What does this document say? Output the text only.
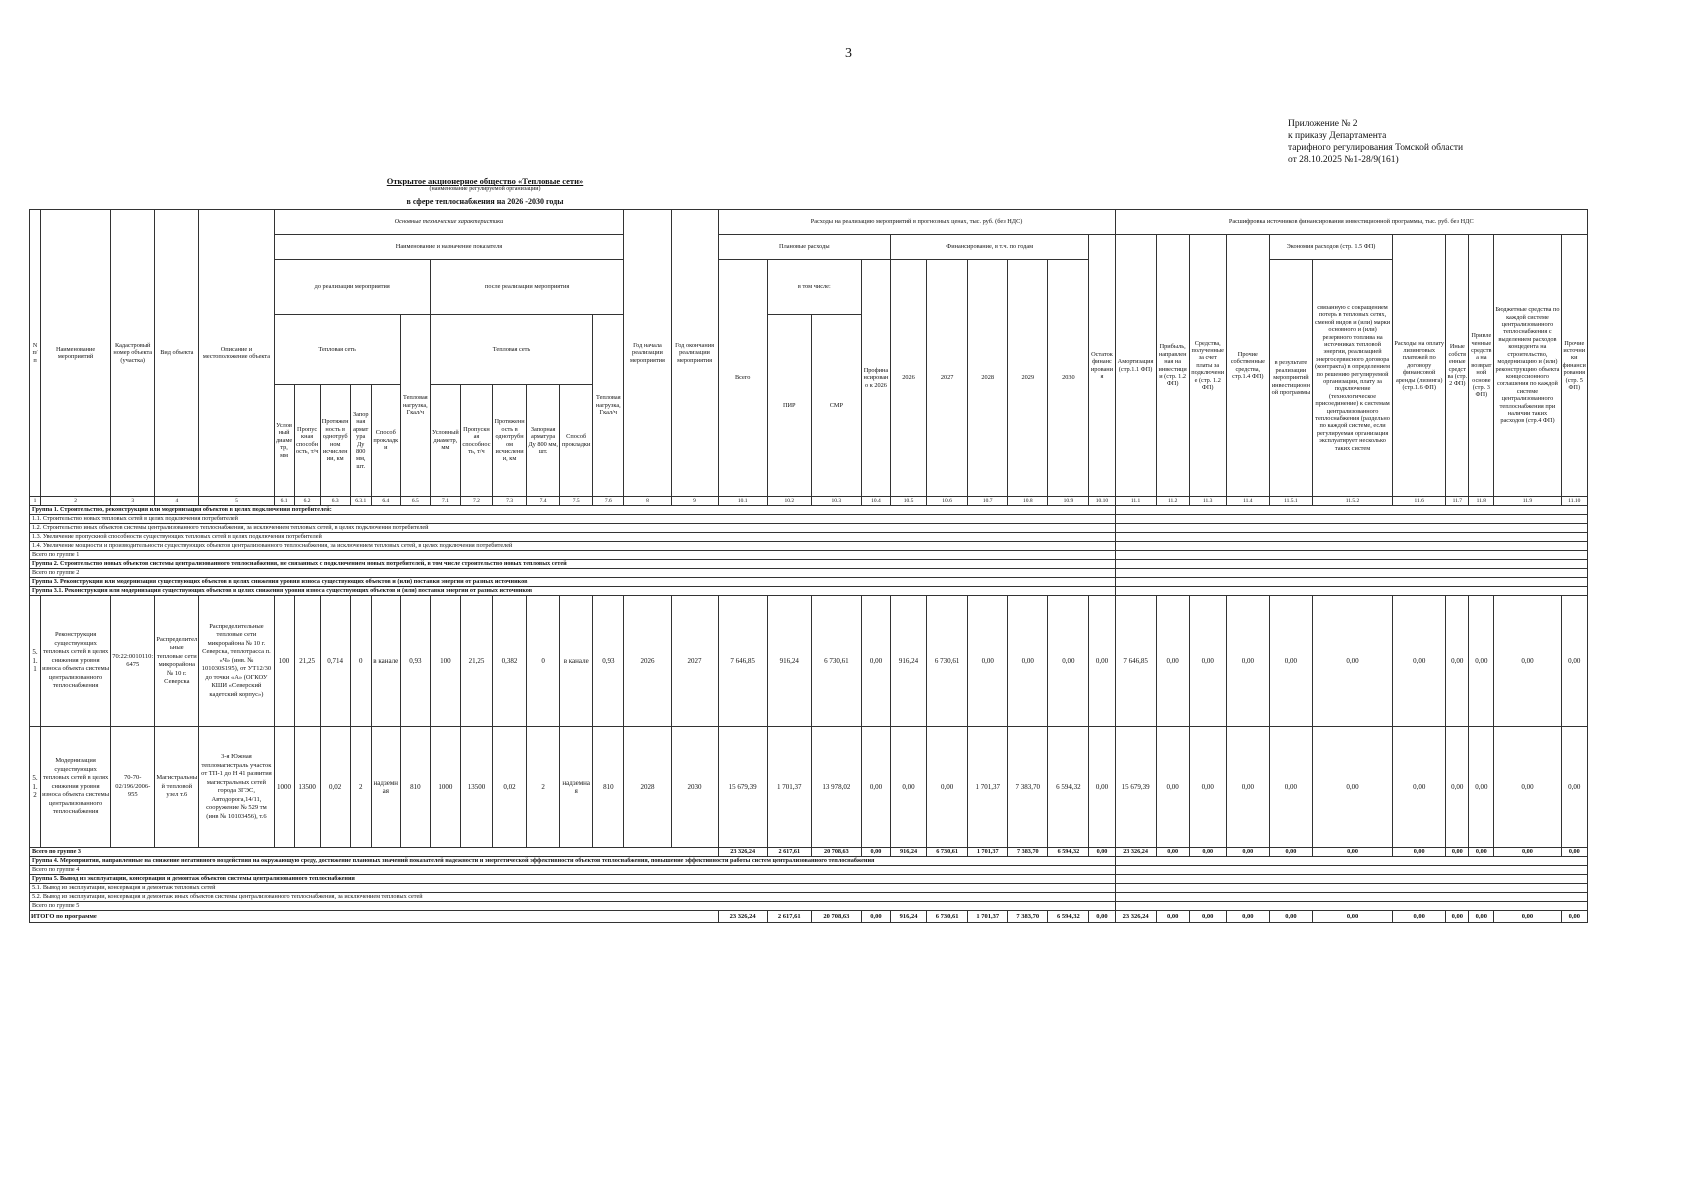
3
Приложение № 2
к приказу Департамента
тарифного регулирования Томской области
от 28.10.2025 №1-28/9(161)
Открытое акционерное общество «Тепловые сети»
(наименование регулируемой организации)
в сфере теплоснабжения на 2026 -2030 годы
N п/п	Наименование мероприятий	Кадастровый номер объекта (участка)	Вид объекта	Описание и местоположение объекта	Основные технические характеристики												Год начала реализации мероприятия	Год окончания реализации мероприятия	Расходы на реализацию мероприятий в прогнозных ценах, тыс. руб. (без НДС)										Расшифровка источников финансирования инвестиционной программы, тыс. руб. без НДС										
					Наименование и назначение показателя														Плановые расходы				Финансирование, в т.ч. по годам					Остаток финансирования	Амортизация (стр.1.1 ФП)	Прибыль, направленная на инвестиции (стр. 1.2 ФП)	Средства, полученные за счет платы за подключение (стр. 1.2 ФП)	Прочие собственные средства, стр.1.4 ФП)	Экономия расходов (стр. 1.5 ФП)		Расходы на оплату лизинговых платежей по договору финансовой аренды (лизинга) (стр.1.6 ФП)	Иные собственные средства (стр. 2 ФП)	Привлеченные средства на возвратной основе (стр. 3 ФП)	Бюджетные средства по каждой системе централизованного теплоснабжения с выделением расходов концедента на строительство, модернизацию и (или) реконструкцию объекта концессионного соглашения по каждой системе централизованного теплоснабжения при наличии таких расходов (стр.4 ФП)	Прочие источники финансирования (стр. 5 ФП)
					до реализации мероприятия						после реализации мероприятия								Всего	в том числе:		Профинансировано к 2026	2026	2027	2028	2029	2030						в результате реализации мероприятий инвестиционной программы	связанную с сокращением потерь в тепловых сетях, сменой видов и (или) марки основного и (или) резервного топлива на источниках тепловой энергии, реализацией энергосервисного договора (контракта) в определением по решению регулируемой организации, плату за подключение (технологическое присоединение) к системам централизованного теплоснабжения (раздельно по каждой системе, если регулируемая организация эксплуатирует несколько таких систем					
					Тепловая сеть					Тепловая нагрузка, Гкал/ч	Тепловая сеть					Тепловая нагрузка, Гкал/ч				ПИР	СМР																		
					Условный диаметр, мм	Пропускная способность, т/ч	Протяженность в однотрубном исчислении, км	Запорная арматура Ду 800 мм, шт.	Способ прокладки		Условный диаметр, мм	Пропускная способность, т/ч	Протяженность в однотрубном исчислении, км	Запорная арматура Ду 800 мм, шт.	Способ прокладки																								
1	2	3	4	5	6.1	6.2	6.3	6.3.1	6.4	6.5	7.1	7.2	7.3	7.4	7.5	7.6	8	9	10.1	10.2	10.3	10.4	10.5	10.6	10.7	10.8	10.9	10.10	11.1	11.2	11.3	11.4	11.5.1	11.5.2	11.6	11.7	11.8	11.9	11.10
Группа 1. Строительство, реконструкция или модернизация объектов в целях подключения потребителей:																																							
1.1. Строительство новых тепловых сетей в целях подключения потребителей																																							
1.2. Строительство иных объектов системы централизованного теплоснабжения, за исключением тепловых сетей, в целях подключения потребителей																																							
1.3. Увеличение пропускной способности существующих тепловых сетей в целях подключения потребителей																																							
1.4. Увеличение мощности и производительности существующих объектов централизованного теплоснабжения, за исключением тепловых сетей, в целях подключения потребителей																																							
Всего по группе 1																																							
Группа 2. Строительство новых объектов системы централизованного теплоснабжения, не связанных с подключением новых потребителей, в том числе строительство новых тепловых сетей																																							
Всего по группе 2																																							
Группа 3. Реконструкция или модернизация существующих объектов в целях снижения уровня износа существующих объектов и (или) поставки энергии от разных источников																																							
Группа 3.1. Реконструкция или модернизация существующих объектов в целях снижения уровня износа существующих объектов и (или) поставки энергии от разных источников																																							
5.1.1	Реконструкция существующих тепловых сетей в целях снижения уровня износа объекта системы централизованного теплоснабжения	70:22:0010110:6475	Распределительные тепловые сети микрорайона № 10 г. Северска	Распределительные тепловые сети микрорайона № 10 г. Северска, теплотрасса п. «Ч» (инв. № 101030S195), от УТ12/30 до точки «А» (ОГКОУ КШИ «Северский кадетский корпус»)	100	21,25	0,714	0	в канале	0,93	100	21,25	0,382	0	в канале	0,93	2026	2027	7 646,85	916,24	6 730,61	0,00	916,24	6 730,61	0,00	0,00	0,00	0,00	7 646,85	0,00	0,00	0,00	0,00	0,00	0,00	0,00	0,00	0,00	0,00
5.1.2	Модернизация существующих тепловых сетей в целях снижения уровня износа объекта системы централизованного теплоснабжения	70-70-02/196/2006-955	Магистральный тепловой узел т.6	3-я Южная тепломагистраль участок от ТП-1 до Н 41 развития магистральных сетей города ЗГЭС, Автодорога,14/11, сооружение № 529 тм (инв № 10103456), т.6	1000	13500	0,02	2	надземная	810	1000	13500	0,02	2	надземная	810	2028	2030	15 679,39	1 701,37	13 978,02	0,00	0,00	0,00	1 701,37	7 383,70	6 594,32	0,00	15 679,39	0,00	0,00	0,00	0,00	0,00	0,00	0,00	0,00	0,00	0,00
Всего по группе 3																			23 326,24	2 617,61	20 708,63	0,00	916,24	6 730,61	1 701,37	7 383,70	6 594,32	0,00	23 326,24	0,00	0,00	0,00	0,00	0,00	0,00	0,00	0,00	0,00	0,00
Группа 4. Мероприятия, направленные на снижение негативного воздействия на окружающую среду, достижение плановых значений показателей надежности и энергетической эффективности объектов теплоснабжения, повышение эффективности работы систем централизованного теплоснабжения																																							
Всего по группе 4																																							
Группа 5. Вывод из эксплуатации, консервация и демонтаж объектов системы централизованного теплоснабжения																																							
5.1. Вывод из эксплуатации, консервация и демонтаж тепловых сетей																																							
5.2. Вывод из эксплуатации, консервация и демонтаж иных объектов системы централизованного теплоснабжения, за исключением тепловых сетей																																							
Всего по группе 5																																							
ИТОГО по программе																			23 326,24	2 617,61	20 708,63	0,00	916,24	6 730,61	1 701,37	7 383,70	6 594,32	0,00	23 326,24	0,00	0,00	0,00	0,00	0,00	0,00	0,00	0,00	0,00	0,00
